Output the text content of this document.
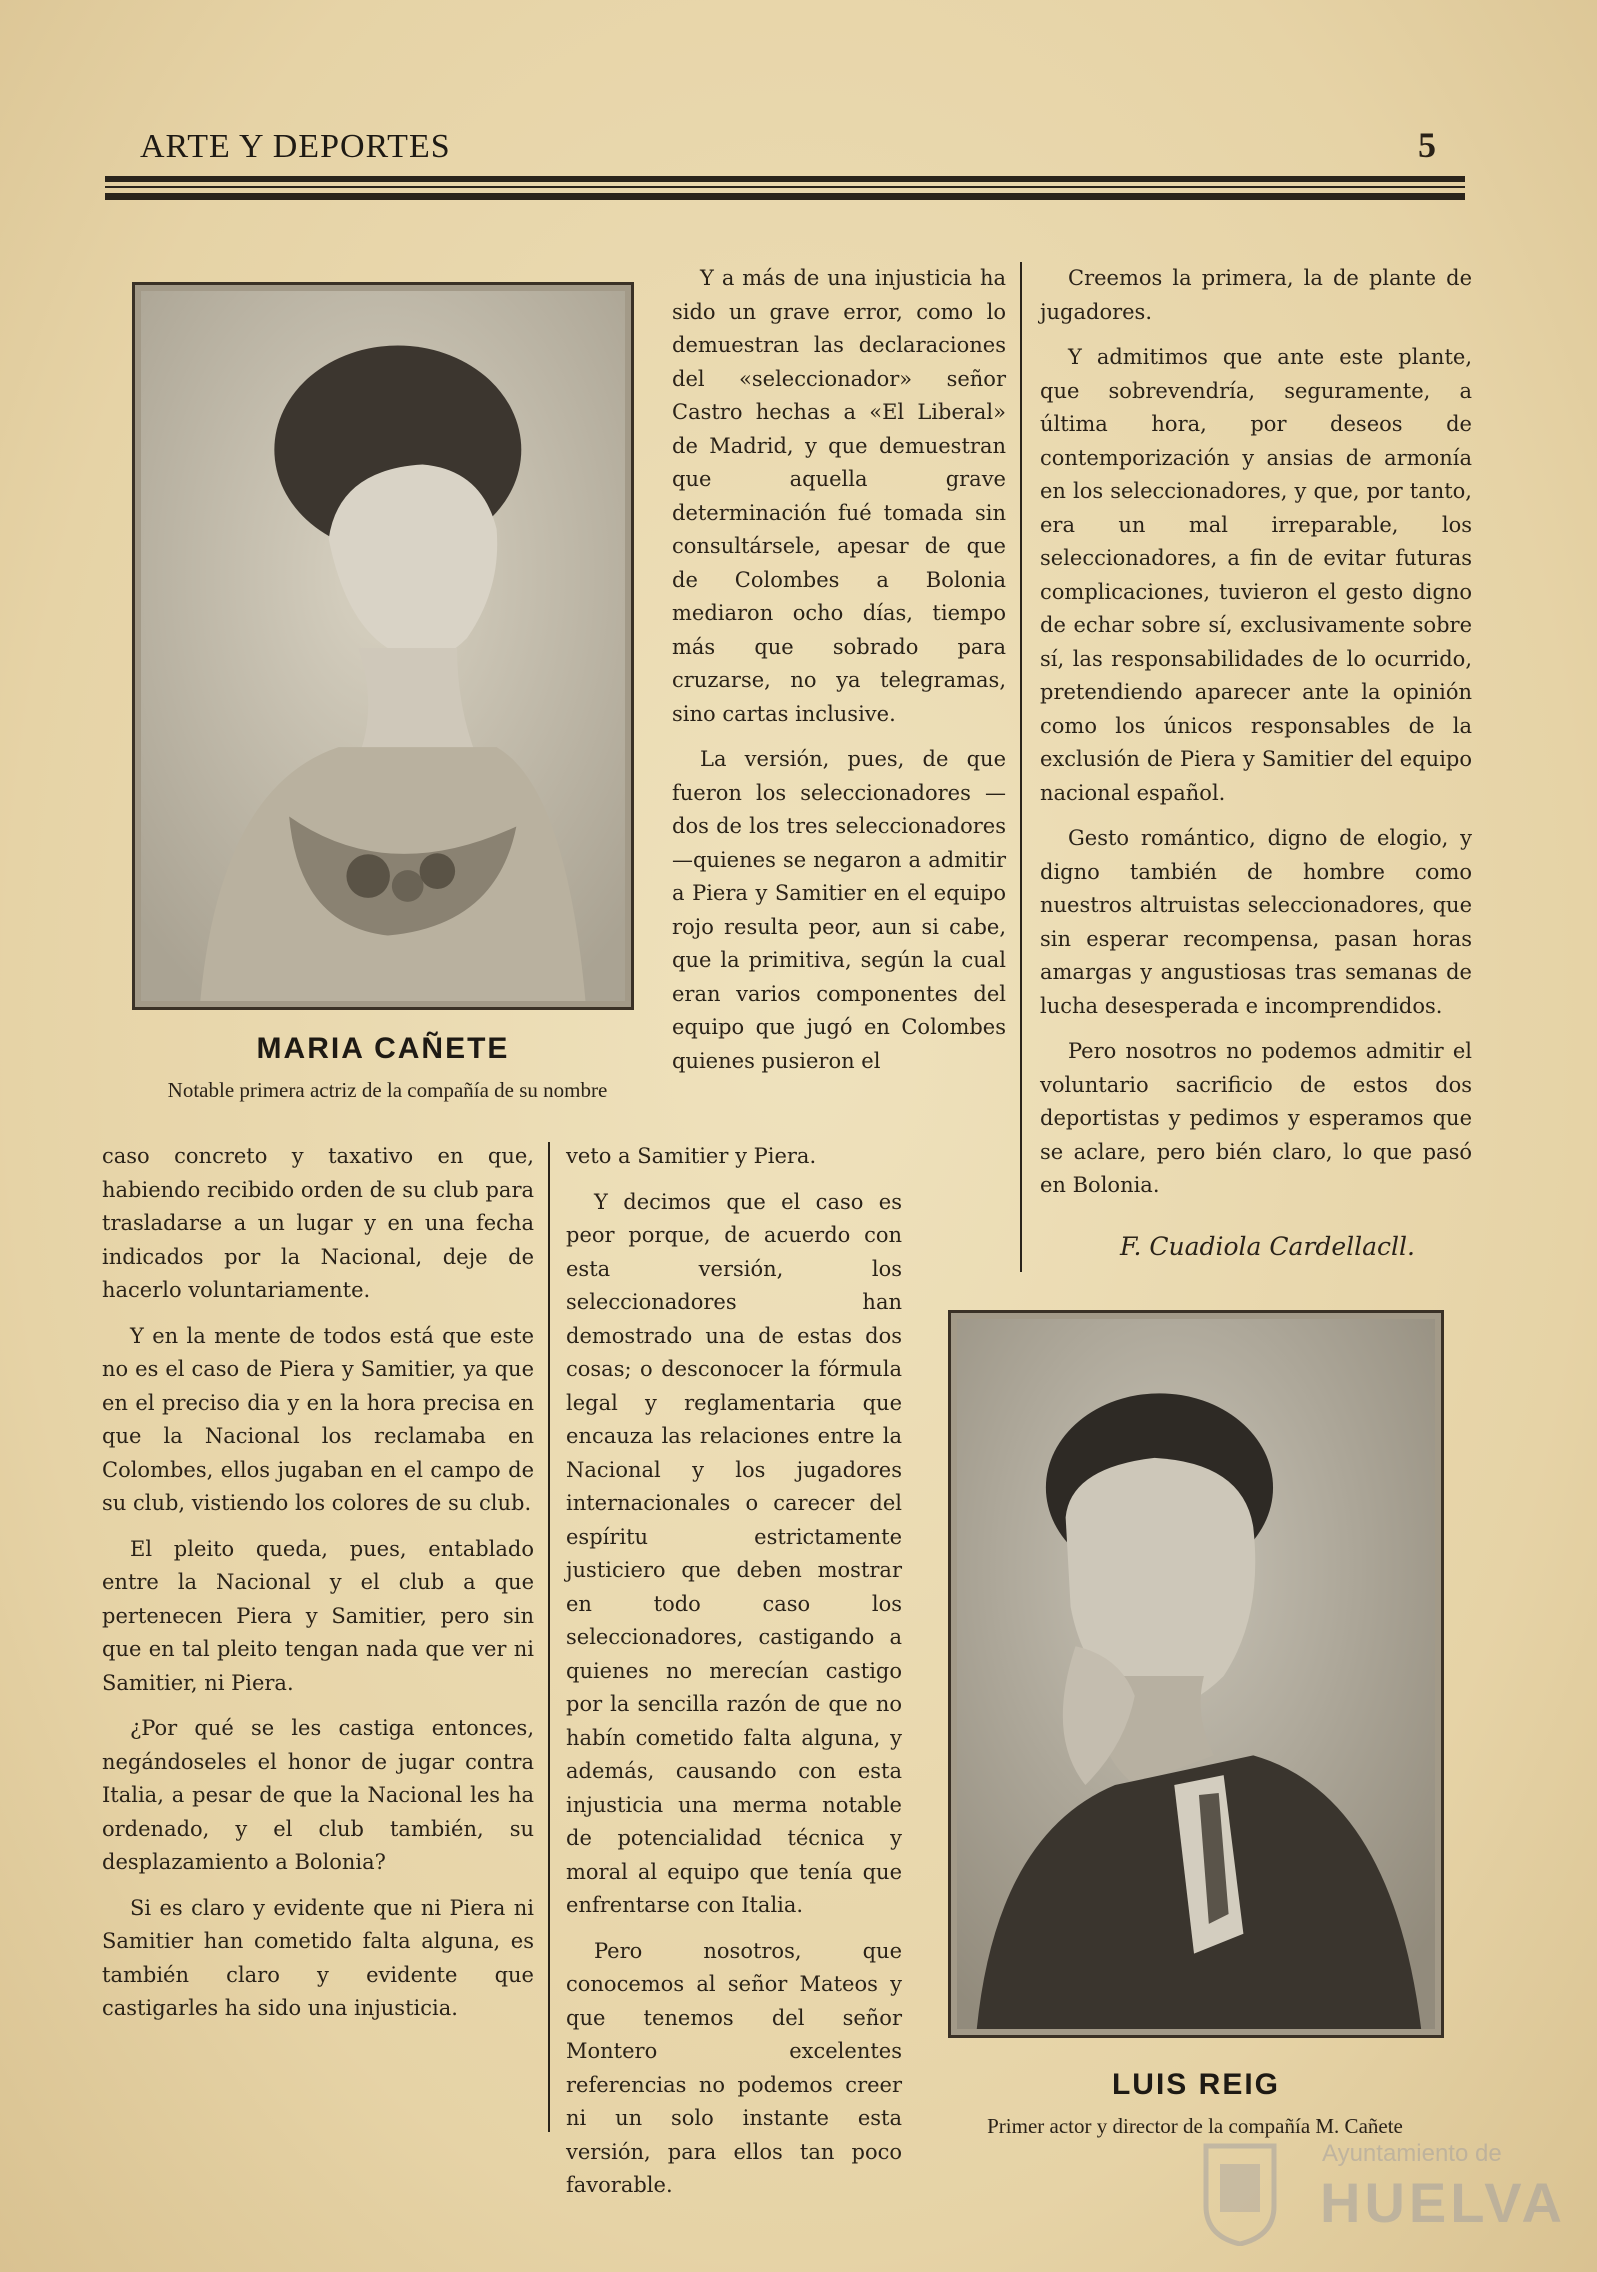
ARTE Y DEPORTES	5
MARIA CAÑETE
Notable primera actriz de la compañía de su nombre

Y a más de una injusticia ha sido un grave error, como lo demuestran las declaraciones del «seleccionador» señor Castro hechas a «El Liberal» de Madrid, y que demuestran que aquella grave determinación fué tomada sin consultársele, apesar de que de Colombes a Bolonia mediaron ocho días, tiempo más que sobrado para cruzarse, no ya telegramas, sino cartas inclusive.

La versión, pues, de que fueron los seleccionadores —dos de los tres seleccionadores—quienes se negaron a admitir a Piera y Samitier en el equipo rojo resulta peor, aun si cabe, que la primitiva, según la cual eran varios componentes del equipo que jugó en Colombes quienes pusieron el

Creemos la primera, la de plante de jugadores.

Y admitimos que ante este plante, que sobrevendría, seguramente, a última hora, por deseos de contemporización y ansias de armonía en los seleccionadores, y que, por tanto, era un mal irreparable, los seleccionadores, a fin de evitar futuras complicaciones, tuvieron el gesto digno de echar sobre sí, exclusivamente sobre sí, las responsabilidades de lo ocurrido, pretendiendo aparecer ante la opinión como los únicos responsables de la exclusión de Piera y Samitier del equipo nacional español.

Gesto romántico, digno de elogio, y digno también de hombre como nuestros altruistas seleccionadores, que sin esperar recompensa, pasan horas amargas y angustiosas tras semanas de lucha desesperada e incomprendidos.

Pero nosotros no podemos admitir el voluntario sacrificio de estos dos deportistas y pedimos y esperamos que se aclare, pero bién claro, lo que pasó en Bolonia.

F. Cuadiola Cardellacll.

caso concreto y taxativo en que, habiendo recibido orden de su club para trasladarse a un lugar y en una fecha indicados por la Nacional, deje de hacerlo voluntariamente.

Y en la mente de todos está que este no es el caso de Piera y Samitier, ya que en el preciso dia y en la hora precisa en que la Nacional los reclamaba en Colombes, ellos jugaban en el campo de su club, vistiendo los colores de su club.

El pleito queda, pues, entablado entre la Nacional y el club a que pertenecen Piera y Samitier, pero sin que en tal pleito tengan nada que ver ni Samitier, ni Piera.

¿Por qué se les castiga entonces, negándoseles el honor de jugar contra Italia, a pesar de que la Nacional les ha ordenado, y el club también, su desplazamiento a Bolonia?

Si es claro y evidente que ni Piera ni Samitier han cometido falta alguna, es también claro y evidente que castigarles ha sido una injusticia.

veto a Samitier y Piera.

Y decimos que el caso es peor porque, de acuerdo con esta versión, los seleccionadores han demostrado una de estas dos cosas; o desconocer la fórmula legal y reglamentaria que encauza las relaciones entre la Nacional y los jugadores internacionales o carecer del espíritu estrictamente justiciero que deben mostrar en todo caso los seleccionadores, castigando a quienes no merecían castigo por la sencilla razón de que no habín cometido falta alguna, y además, causando con esta injusticia una merma notable de potencialidad técnica y moral al equipo que tenía que enfrentarse con Italia.

Pero nosotros, que conocemos al señor Mateos y que tenemos del señor Montero excelentes referencias no podemos creer ni un solo instante esta versión, para ellos tan poco favorable.

LUIS REIG
Primer actor y director de la compañía M. Cañete
Ayuntamiento de
HUELVA
